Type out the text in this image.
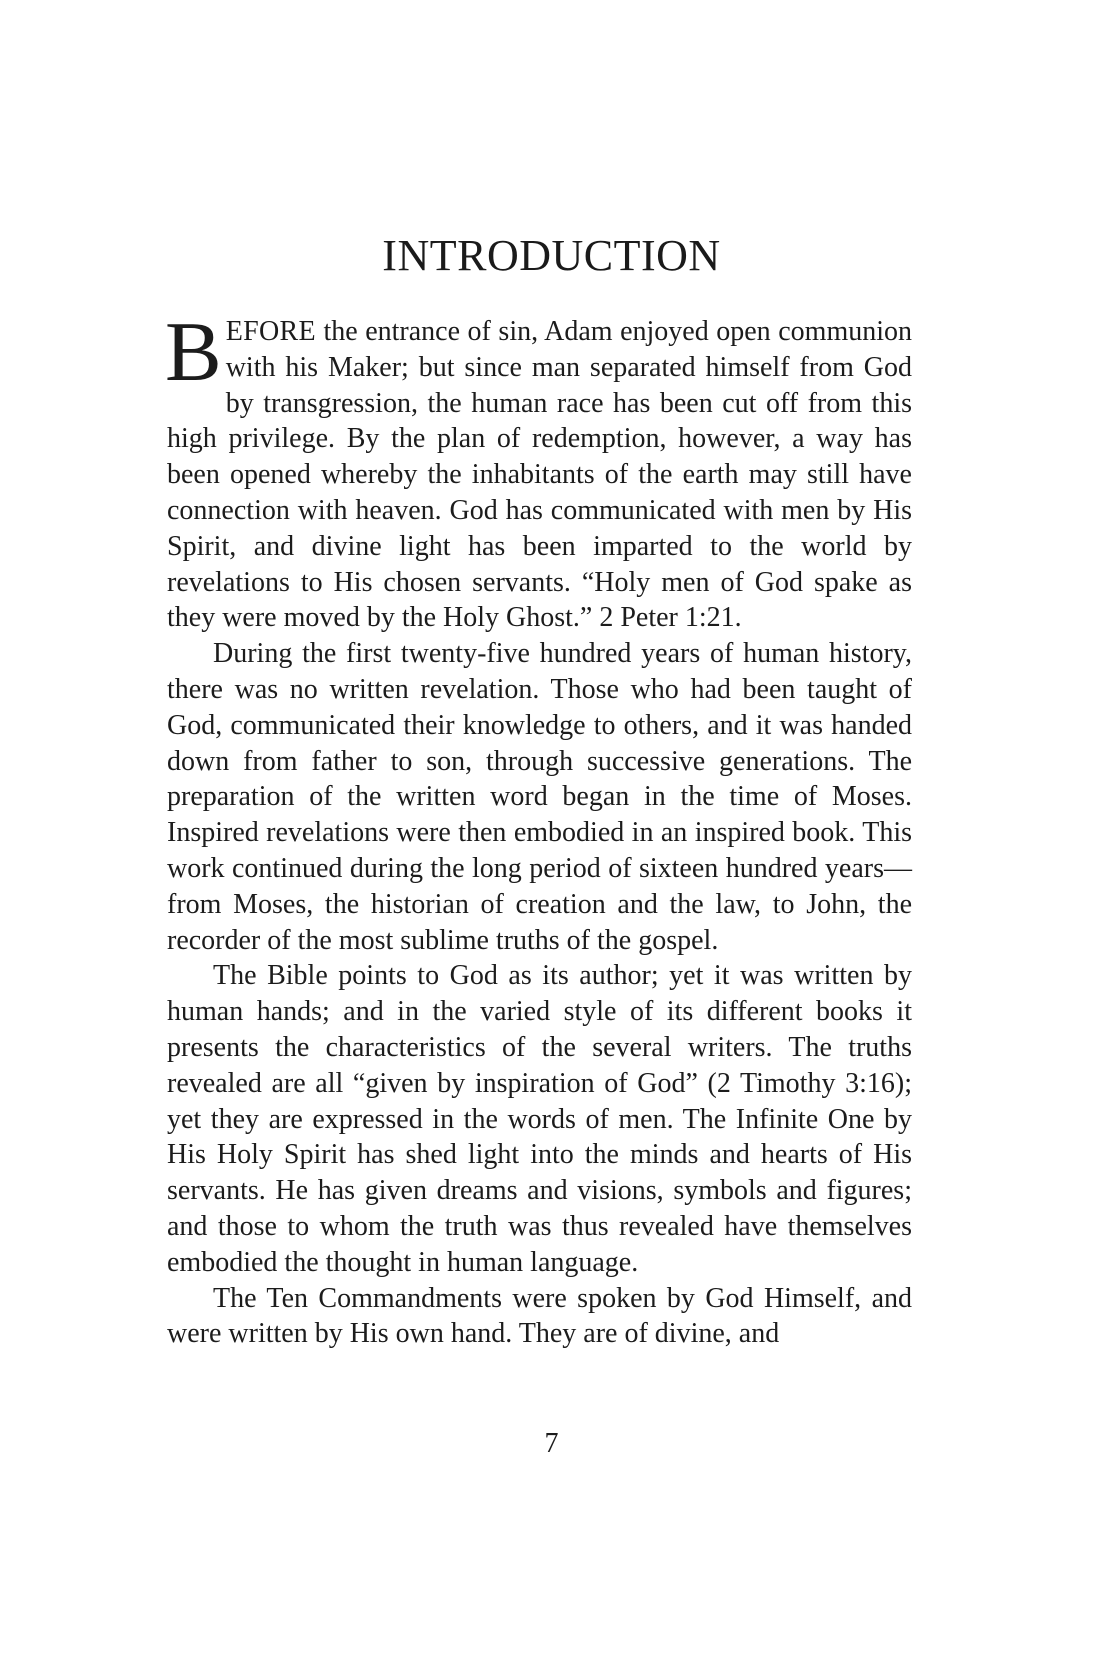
INTRODUCTION

BEFORE the entrance of sin, Adam enjoyed open communion with his Maker; but since man separated himself from God by transgression, the human race has been cut off from this high privilege. By the plan of redemption, however, a way has been opened whereby the inhabitants of the earth may still have connection with heaven. God has communicated with men by His Spirit, and divine light has been imparted to the world by revelations to His chosen servants. “Holy men of God spake as they were moved by the Holy Ghost.” 2 Peter 1:21.

During the first twenty-five hundred years of human history, there was no written revelation. Those who had been taught of God, communicated their knowledge to others, and it was handed down from father to son, through successive generations. The preparation of the written word began in the time of Moses. Inspired revelations were then embodied in an inspired book. This work continued during the long period of sixteen hundred years—from Moses, the historian of creation and the law, to John, the recorder of the most sublime truths of the gospel.

The Bible points to God as its author; yet it was written by human hands; and in the varied style of its different books it presents the characteristics of the several writers. The truths revealed are all “given by inspiration of God” (2 Timothy 3:16); yet they are expressed in the words of men. The Infinite One by His Holy Spirit has shed light into the minds and hearts of His servants. He has given dreams and visions, symbols and figures; and those to whom the truth was thus revealed have themselves embodied the thought in human language.

The Ten Commandments were spoken by God Himself, and were written by His own hand. They are of divine, and

7
